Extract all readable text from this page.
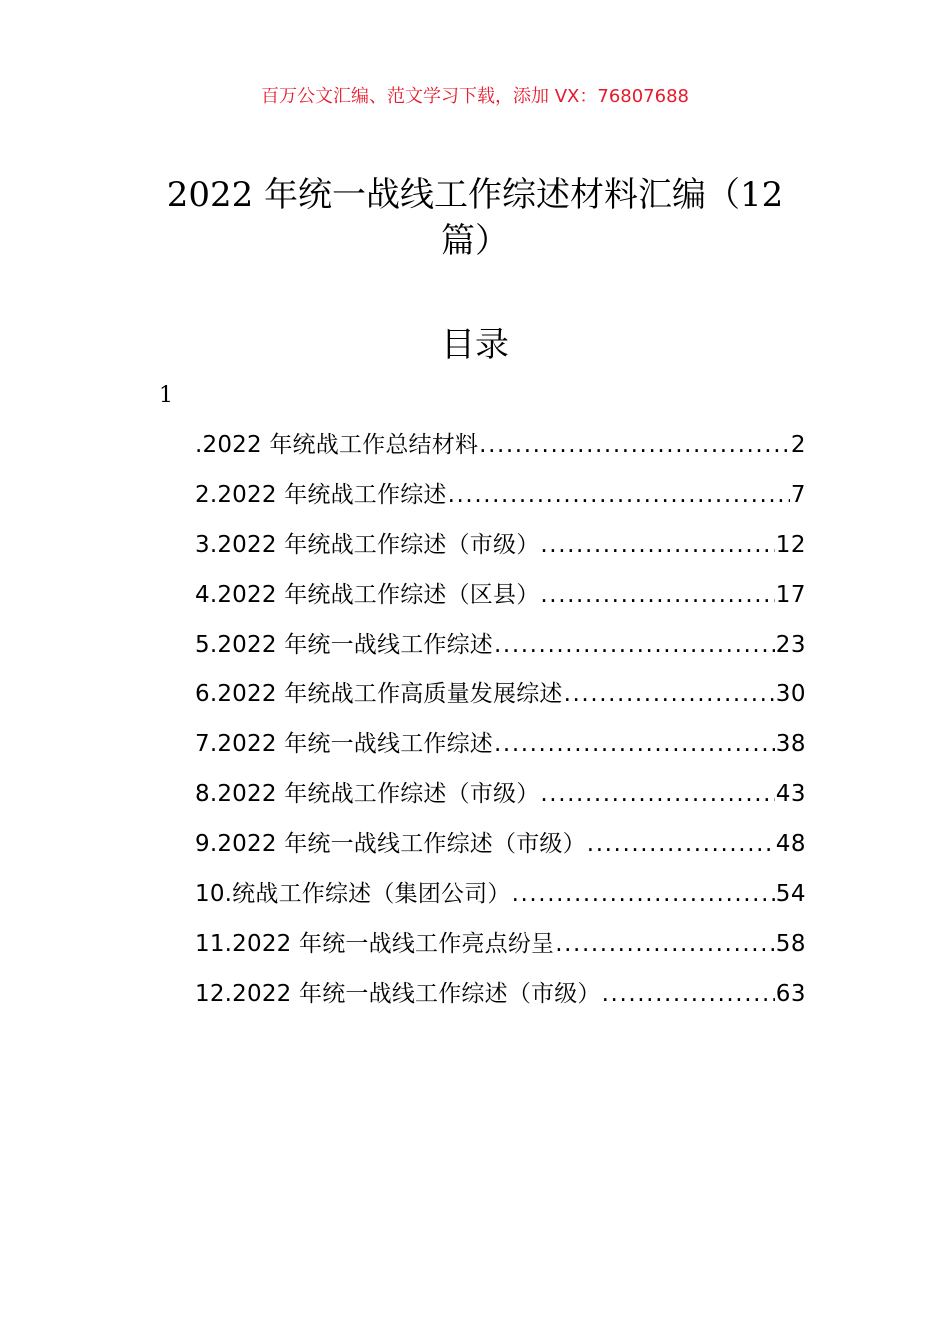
百万公文汇编、范文学习下载，添加 VX：76807688
2022 年统一战线工作综述材料汇编（12 篇）
目录
1
.2022 年统战工作总结材料 .....	2
2.2022 年统战工作综述 .....	7
3.2022 年统战工作综述（市级） .....	12
4.2022 年统战工作综述（区县） .....	17
5.2022 年统一战线工作综述 .....	23
6.2022 年统战工作高质量发展综述 .....	30
7.2022 年统一战线工作综述 .....	38
8.2022 年统战工作综述（市级） .....	43
9.2022 年统一战线工作综述（市级） .....	48
10.统战工作综述（集团公司） .....	54
11.2022 年统一战线工作亮点纷呈 .....	58
12.2022 年统一战线工作综述（市级） .....	63
